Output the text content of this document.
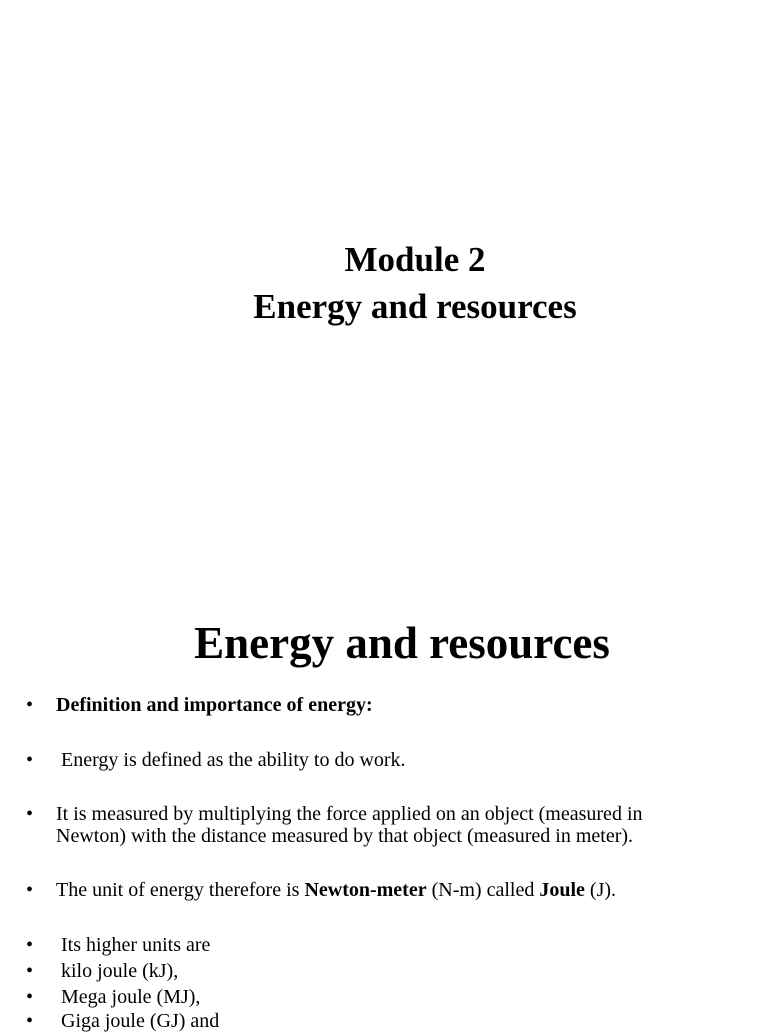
Module 2
Energy and resources
Energy and resources
• Definition and importance of energy:
• Energy is defined as the ability to do work.
• It is measured by multiplying the force applied on an object (measured in Newton) with the distance measured by that object (measured in meter).
• The unit of energy therefore is Newton-meter (N-m) called Joule (J).
• Its higher units are
• kilo joule (kJ),
• Mega joule (MJ),
• Giga joule (GJ) and
